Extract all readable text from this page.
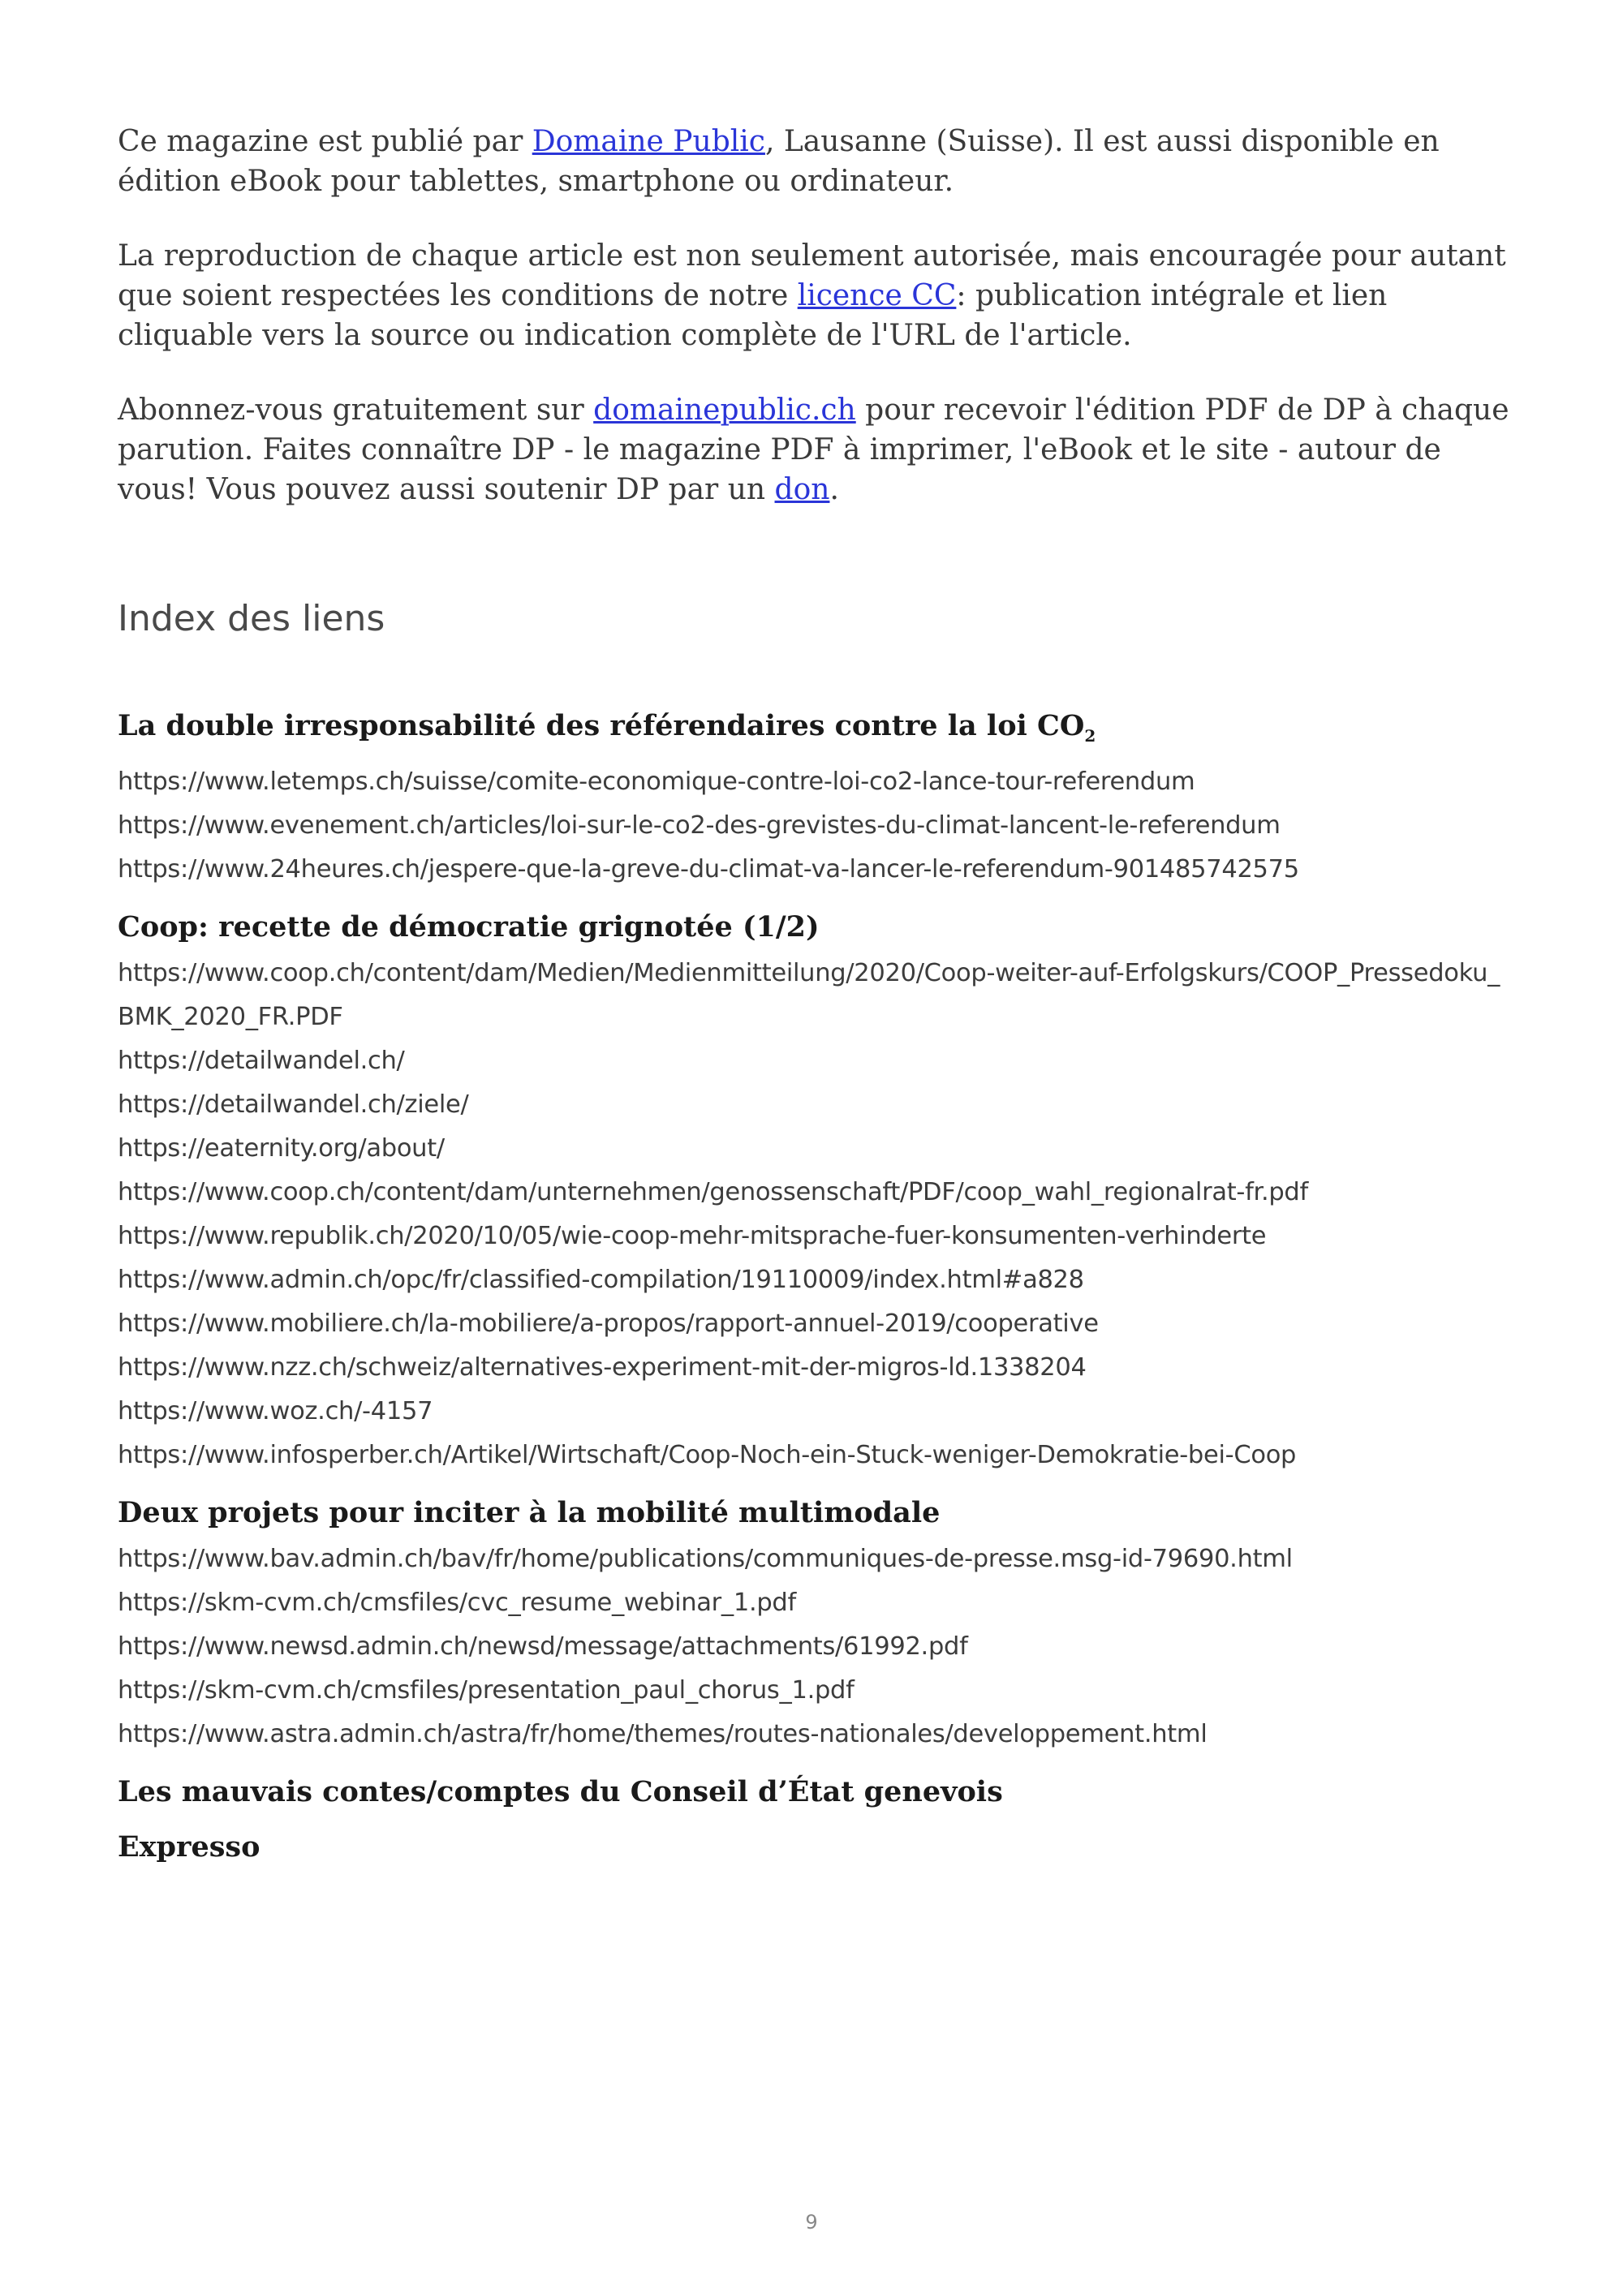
Ce magazine est publié par Domaine Public, Lausanne (Suisse). Il est aussi disponible en édition eBook pour tablettes, smartphone ou ordinateur.

La reproduction de chaque article est non seulement autorisée, mais encouragée pour autant que soient respectées les conditions de notre licence CC: publication intégrale et lien cliquable vers la source ou indication complète de l'URL de l'article.

Abonnez-vous gratuitement sur domainepublic.ch pour recevoir l'édition PDF de DP à chaque parution. Faites connaître DP - le magazine PDF à imprimer, l'eBook et le site - autour de vous! Vous pouvez aussi soutenir DP par un don.

Index des liens
La double irresponsabilité des référendaires contre la loi $CO_2$
https://www.letemps.ch/suisse/comite-economique-contre-loi-co2-lance-tour-referendum
https://www.evenement.ch/articles/loi-sur-le-co2-des-grevistes-du-climat-lancent-le-referendum
https://www.24heures.ch/jespere-que-la-greve-du-climat-va-lancer-le-referendum-901485742575
Coop: recette de démocratie grignotée (1/2)
https://www.coop.ch/content/dam/Medien/Medienmitteilung/2020/Coop-weiter-auf-Erfolgskurs/COOP_Pressedoku_BMK_2020_FR.PDF
https://detailwandel.ch/
https://detailwandel.ch/ziele/
https://eaternity.org/about/
https://www.coop.ch/content/dam/unternehmen/genossenschaft/PDF/coop_wahl_regionalrat-fr.pdf
https://www.republik.ch/2020/10/05/wie-coop-mehr-mitsprache-fuer-konsumenten-verhinderte
https://www.admin.ch/opc/fr/classified-compilation/19110009/index.html#a828
https://www.mobiliere.ch/la-mobiliere/a-propos/rapport-annuel-2019/cooperative
https://www.nzz.ch/schweiz/alternatives-experiment-mit-der-migros-ld.1338204
https://www.woz.ch/-4157
https://www.infosperber.ch/Artikel/Wirtschaft/Coop-Noch-ein-Stuck-weniger-Demokratie-bei-Coop
Deux projets pour inciter à la mobilité multimodale
https://www.bav.admin.ch/bav/fr/home/publications/communiques-de-presse.msg-id-79690.html
https://skm-cvm.ch/cmsfiles/cvc_resume_webinar_1.pdf
https://www.newsd.admin.ch/newsd/message/attachments/61992.pdf
https://skm-cvm.ch/cmsfiles/presentation_paul_chorus_1.pdf
https://www.astra.admin.ch/astra/fr/home/themes/routes-nationales/developpement.html
Les mauvais contes/comptes du Conseil d’État genevois
Expresso
9
